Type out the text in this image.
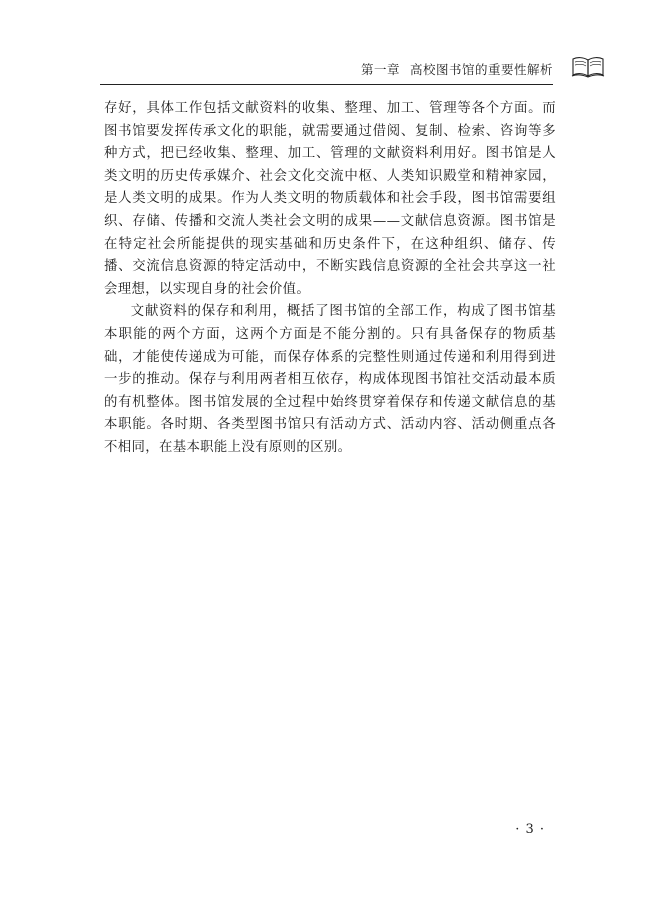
第一章 高校图书馆的重要性解析

存好，具体工作包括文献资料的收集、整理、加工、管理等各个方面。而图书馆要发挥传承文化的职能，就需要通过借阅、复制、检索、咨询等多种方式，把已经收集、整理、加工、管理的文献资料利用好。图书馆是人类文明的历史传承媒介、社会文化交流中枢、人类知识殿堂和精神家园，是人类文明的成果。作为人类文明的物质载体和社会手段，图书馆需要组织、存储、传播和交流人类社会文明的成果——文献信息资源。图书馆是在特定社会所能提供的现实基础和历史条件下，在这种组织、储存、传播、交流信息资源的特定活动中，不断实践信息资源的全社会共享这一社会理想，以实现自身的社会价值。

文献资料的保存和利用，概括了图书馆的全部工作，构成了图书馆基本职能的两个方面，这两个方面是不能分割的。只有具备保存的物质基础，才能使传递成为可能，而保存体系的完整性则通过传递和利用得到进一步的推动。保存与利用两者相互依存，构成体现图书馆社交活动最本质的有机整体。图书馆发展的全过程中始终贯穿着保存和传递文献信息的基本职能。各时期、各类型图书馆只有活动方式、活动内容、活动侧重点各不相同，在基本职能上没有原则的区别。

· 3 ·
